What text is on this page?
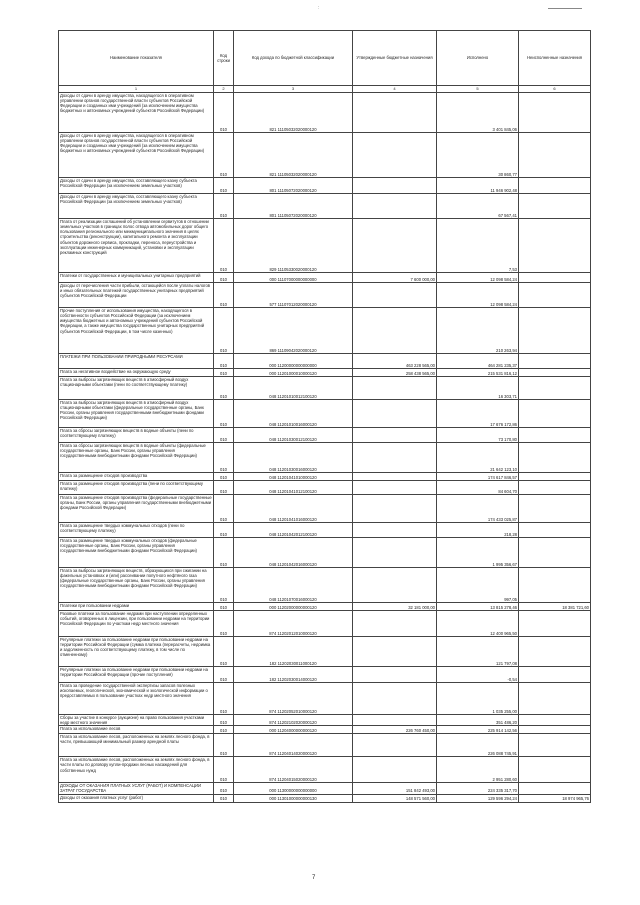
:
Наименование показателя	Код строки	Код дохода по бюджетной классификации	Утвержденные бюджетные назначения	Исполнено	Неисполненные назначения
1	2	3	4	5	6
Доходы от сдачи в аренду имущества, находящегося в оперативном управлении органов государственной власти субъектов Российской Федерации и созданных ими учреждений (за исключением имущества бюджетных и автономных учреждений субъектов Российской Федерации)	010	821 11105032020000120		3 401 845,06	
Доходы от сдачи в аренду имущества, находящегося в оперативном управлении органов государственной власти субъектов Российской Федерации и созданных ими учреждений (за исключением имущества бюджетных и автономных учреждений субъектов Российской Федерации)	010	821 11105032020000120		30 860,77	
Доходы от сдачи в аренду имущества, составляющего казну субъекта Российской Федерации (за исключением земельных участков)	010	801 11105072020000120		11 946 902,48	
Доходы от сдачи в аренду имущества, составляющего казну субъекта Российской Федерации (за исключением земельных участков)	010	801 11105072020000120		67 567,41	
Плата от реализации соглашений об установлении сервитутов в отношении земельных участков в границах полос отвода автомобильных дорог общего пользования регионального или межмуниципального значения в целях строительства (реконструкции), капитального ремонта и эксплуатации объектов дорожного сервиса, прокладки, переноса, переустройства и эксплуатации инженерных коммуникаций, установки и эксплуатации рекламных конструкций	010	829 11105330020000120		7,53	
Платежи от государственных и муниципальных унитарных предприятий	010	000 11107000000000000	7 600 000,00	12 098 584,24	
Доходы от перечисления части прибыли, остающейся после уплаты налогов и иных обязательных платежей государственных унитарных предприятий субъектов Российской Федерации	010	577 11107012020000120		12 098 584,24	
Прочие поступления от использования имущества, находящегося в собственности субъектов Российской Федерации (за исключением имущества бюджетных и автономных учреждений субъектов Российской Федерации, а также имущества государственных унитарных предприятий субъектов Российской Федерации, в том числе казенных)	010	869 11109042020000120		210 263,94	
ПЛАТЕЖИ ПРИ ПОЛЬЗОВАНИИ ПРИРОДНЫМИ РЕСУРСАМИ	010	000 11200000000000000	463 228 565,00	464 281 235,37	
Плата за негативное воздействие на окружающую среду	010	000 11201000010000120	258 438 565,00	215 531 816,12	
Плата за выбросы загрязняющих веществ в атмосферный воздух стационарными объектами (пени по соответствующему платежу)	010	048 11201010012100120		16 303,71	
Плата за выбросы загрязняющих веществ в атмосферный воздух стационарными объектами (федеральные государственные органы, Банк России, органы управления государственными внебюджетными фондами Российской Федерации)	010	048 11201010016000120		17 676 172,86	
Плата за сбросы загрязняющих веществ в водные объекты (пени по соответствующему платежу)	010	048 11201030012100120		73 170,80	
Плата за сбросы загрязняющих веществ в водные объекты (федеральные государственные органы, Банк России, органы управления государственными внебюджетными фондами Российской Федерации)	010	048 11201030016000120		21 642 123,10	
Плата за размещение отходов производства	010	048 11201041010000120		174 617 846,57	
Плата за размещение отходов производства (пени по соответствующему платежу)	010	048 11201041012100120		84 604,70	
Плата за размещение отходов производства (федеральные государственные органы, Банк России, органы управления государственными внебюджетными фондами Российской Федерации)	010	048 11201041016000120		174 433 025,87	
Плата за размещение твердых коммунальных отходов (пени по соответствующему платежу)	010	048 11201042012100120		218,28	
Плата за размещение твердых коммунальных отходов (федеральные государственные органы, Банк России, органы управления государственными внебюджетными фондами Российской Федерации)	010	048 11201042016000120		1 995 356,67	
Плата за выбросы загрязняющих веществ, образующихся при сжигании на факельных установках и (или) рассеивании попутного нефтяного газа (федеральные государственные органы, Банк России, органы управления государственными внебюджетными фондами Российской Федерации)	010	048 11201070016000120		997,05	
Платежи при пользовании недрами	010	000 11202000000000120	32 181 000,00	13 815 278,46	18 381 721,60
Разовые платежи за пользование недрами при наступлении определенных событий, оговоренных в лицензии, при пользовании недрами на территории Российской Федерации по участкам недр местного значения	010	874 11202012010000120		12 400 965,50	
Регулярные платежи за пользование недрами при пользовании недрами на территории Российской Федерации (сумма платежа (перерасчеты, недоимка и задолженность по соответствующему платежу, в том числе по отмененному)	010	182 11202030011000120		121 797,08	
Регулярные платежи за пользование недрами при пользовании недрами на территории Российской Федерации (прочие поступления)	010	182 11202030014000120		-0,54	
Плата за проведение государственной экспертизы запасов полезных ископаемых, геологической, экономической и экологической информации о предоставляемых в пользование участках недр местного значения	010	874 11202052010000120		1 035 255,00	
Сборы за участие в конкурсе (аукционе) на право пользования участками недр местного значения	010	874 11202102020000120		351 486,20	
Плата за использование лесов	010	000 11204000000000120	226 760 450,00	225 914 142,56	
Плата за использование лесов, расположенных на землях лесного фонда, в части, превышающей минимальный размер арендной платы	010	874 11204014020000120		226 088 745,91	
Плата за использование лесов, расположенных на землях лесного фонда, в части платы по договору купли-продажи лесных насаждений для собственных нужд	010	874 11204015020000120		2 951 280,60	
ДОХОДЫ ОТ ОКАЗАНИЯ ПЛАТНЫХ УСЛУГ (РАБОТ) И КОМПЕНСАЦИИ ЗАТРАТ ГОСУДАРСТВА	010	000 11300000000000000	151 842 493,00	224 335 317,70	
Доходы от оказания платных услуг (работ)	010	000 11301000000000130	148 571 560,00	129 596 294,24	18 974 965,76
7
